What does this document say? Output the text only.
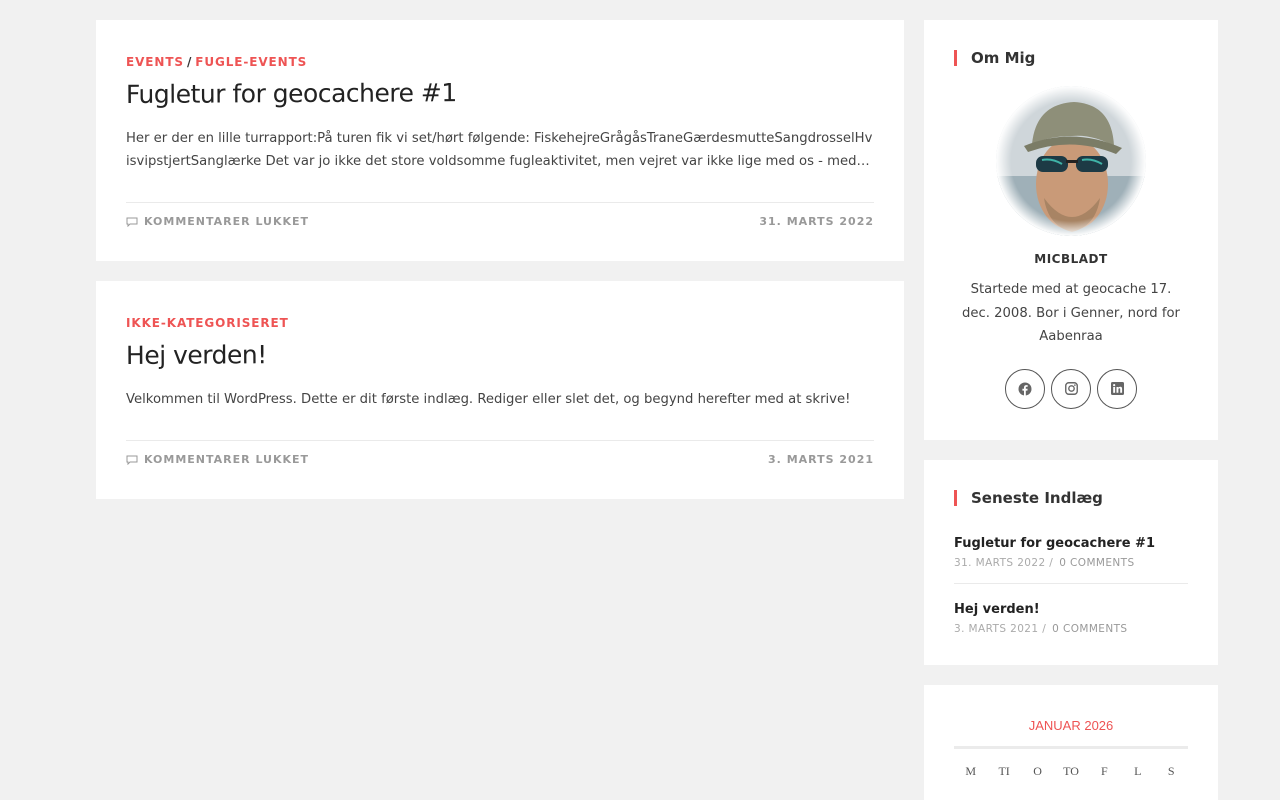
EVENTS / FUGLE-EVENTS
Fugletur for geocachere #1

Her er der en lille turrapport:På turen fik vi set/hørt følgende: FiskehejreGrågåsTraneGærdesmutteSangdrosselHvisvipstjertSanglærke Det var jo ikke det store voldsomme fugleaktivitet, men vejret var ikke lige med os - med…

KOMMENTARER LUKKET	31. MARTS 2022
IKKE-KATEGORISERET
Hej verden!

Velkommen til WordPress. Dette er dit første indlæg. Rediger eller slet det, og begynd herefter med at skrive!

KOMMENTARER LUKKET	3. MARTS 2021
Om Mig
MICBLADT

Startede med at geocache 17. dec. 2008. Bor i Genner, nord for Aabenraa

Seneste Indlæg
Fugletur for geocachere #1
31. MARTS 2022 / 0 COMMENTS
Hej verden!
3. MARTS 2021 / 0 COMMENTS
JANUAR 2026
M	TI	O	TO	F	L	S
